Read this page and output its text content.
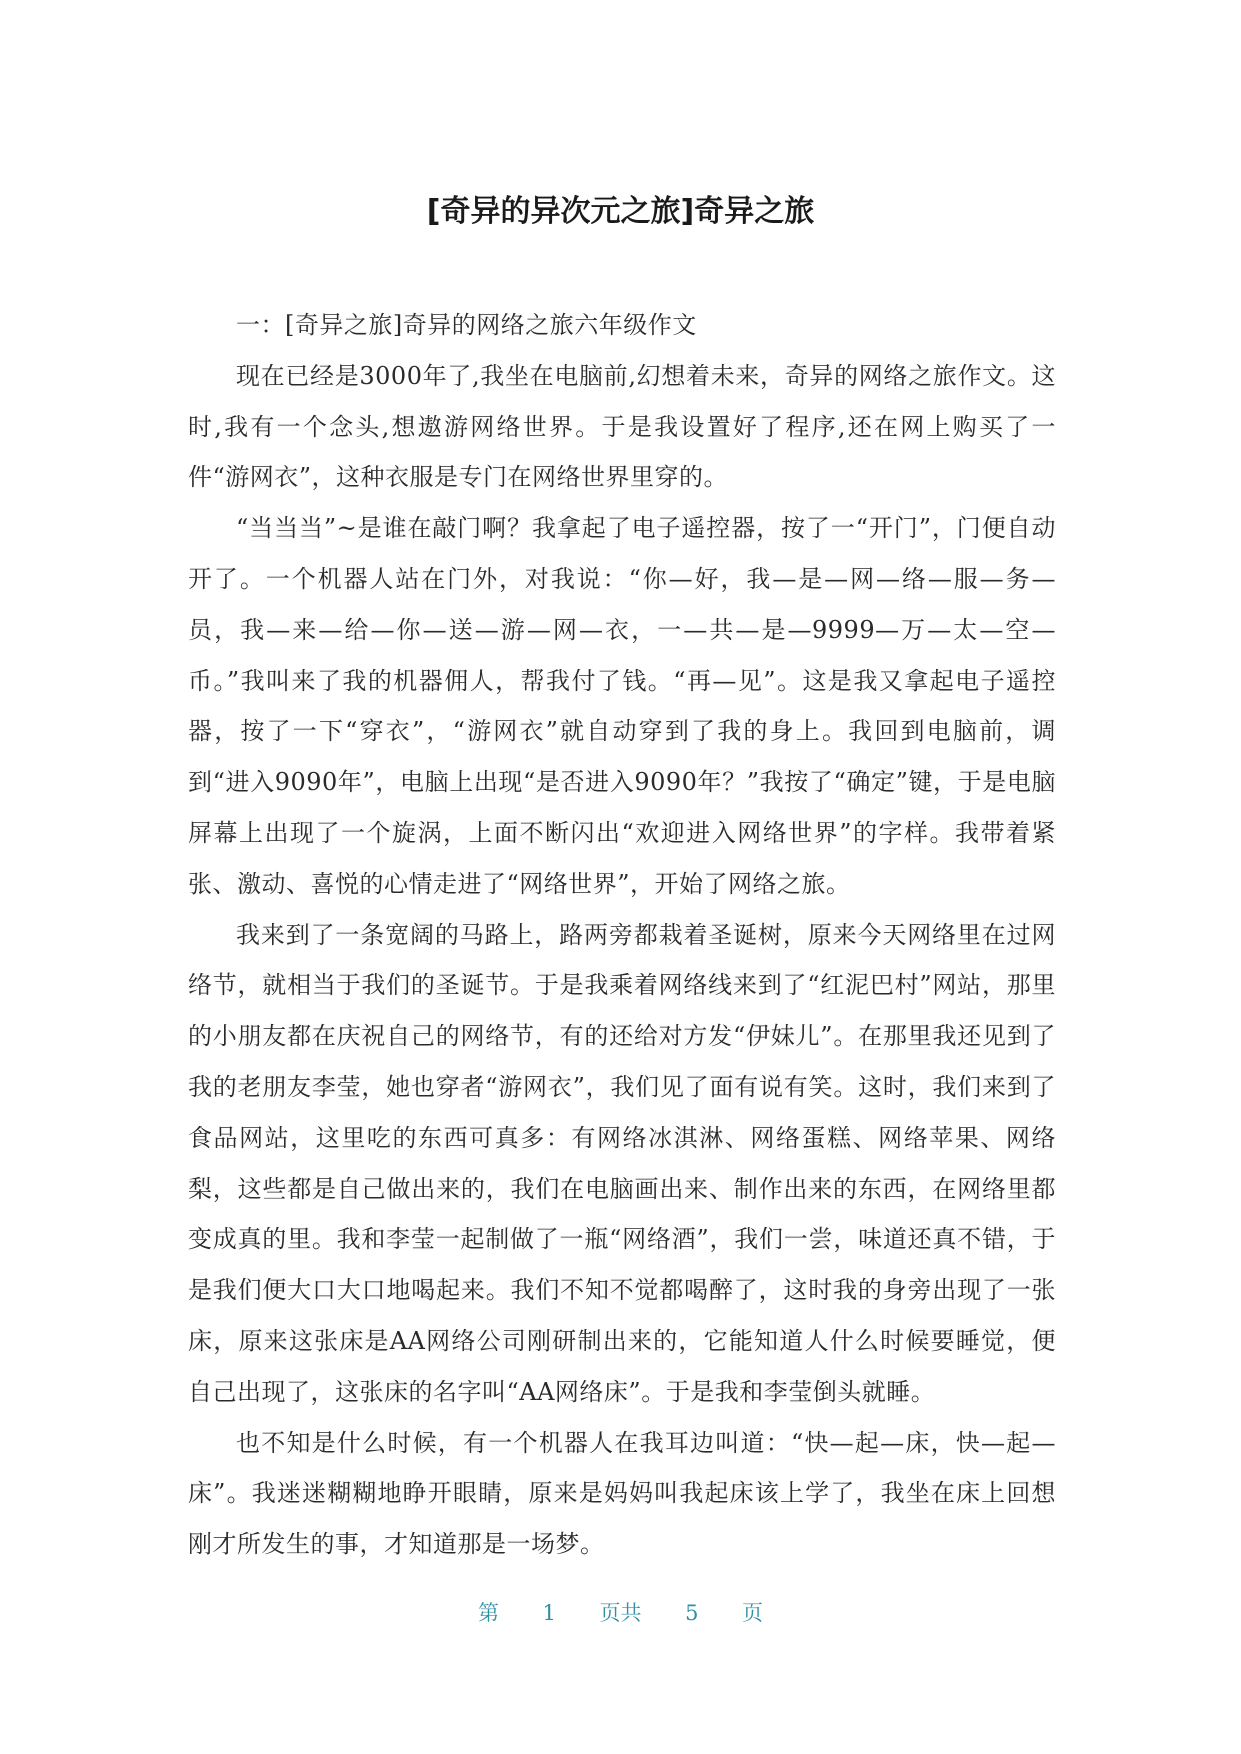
[奇异的异次元之旅]奇异之旅

一：[奇异之旅]奇异的网络之旅六年级作文

现在已经是3000年了,我坐在电脑前,幻想着未来，奇异的网络之旅作文。这时,我有一个念头,想遨游网络世界。于是我设置好了程序,还在网上购买了一件“游网衣”，这种衣服是专门在网络世界里穿的。

“当当当”~是谁在敲门啊？我拿起了电子遥控器，按了一“开门”，门便自动开了。一个机器人站在门外，对我说：“你—好，我—是—网—络—服—务—员，我—来—给—你—送—游—网—衣，一—共—是—9999—万—太—空—币。”我叫来了我的机器佣人，帮我付了钱。“再—见”。这是我又拿起电子遥控器，按了一下“穿衣”，“游网衣”就自动穿到了我的身上。我回到电脑前，调到“进入9090年”，电脑上出现“是否进入9090年？”我按了“确定”键，于是电脑屏幕上出现了一个旋涡，上面不断闪出“欢迎进入网络世界”的字样。我带着紧张、激动、喜悦的心情走进了“网络世界”，开始了网络之旅。

我来到了一条宽阔的马路上，路两旁都栽着圣诞树，原来今天网络里在过网络节，就相当于我们的圣诞节。于是我乘着网络线来到了“红泥巴村”网站，那里的小朋友都在庆祝自己的网络节，有的还给对方发“伊妹儿”。在那里我还见到了我的老朋友李莹，她也穿者“游网衣”，我们见了面有说有笑。这时，我们来到了食品网站，这里吃的东西可真多：有网络冰淇淋、网络蛋糕、网络苹果、网络梨，这些都是自己做出来的，我们在电脑画出来、制作出来的东西，在网络里都变成真的里。我和李莹一起制做了一瓶“网络酒”，我们一尝，味道还真不错，于是我们便大口大口地喝起来。我们不知不觉都喝醉了，这时我的身旁出现了一张床，原来这张床是AA网络公司刚研制出来的，它能知道人什么时候要睡觉，便自己出现了，这张床的名字叫“AA网络床”。于是我和李莹倒头就睡。

也不知是什么时候，有一个机器人在我耳边叫道：“快—起—床，快—起—床”。我迷迷糊糊地睁开眼睛，原来是妈妈叫我起床该上学了，我坐在床上回想刚才所发生的事，才知道那是一场梦。

第 1 页共 5 页
